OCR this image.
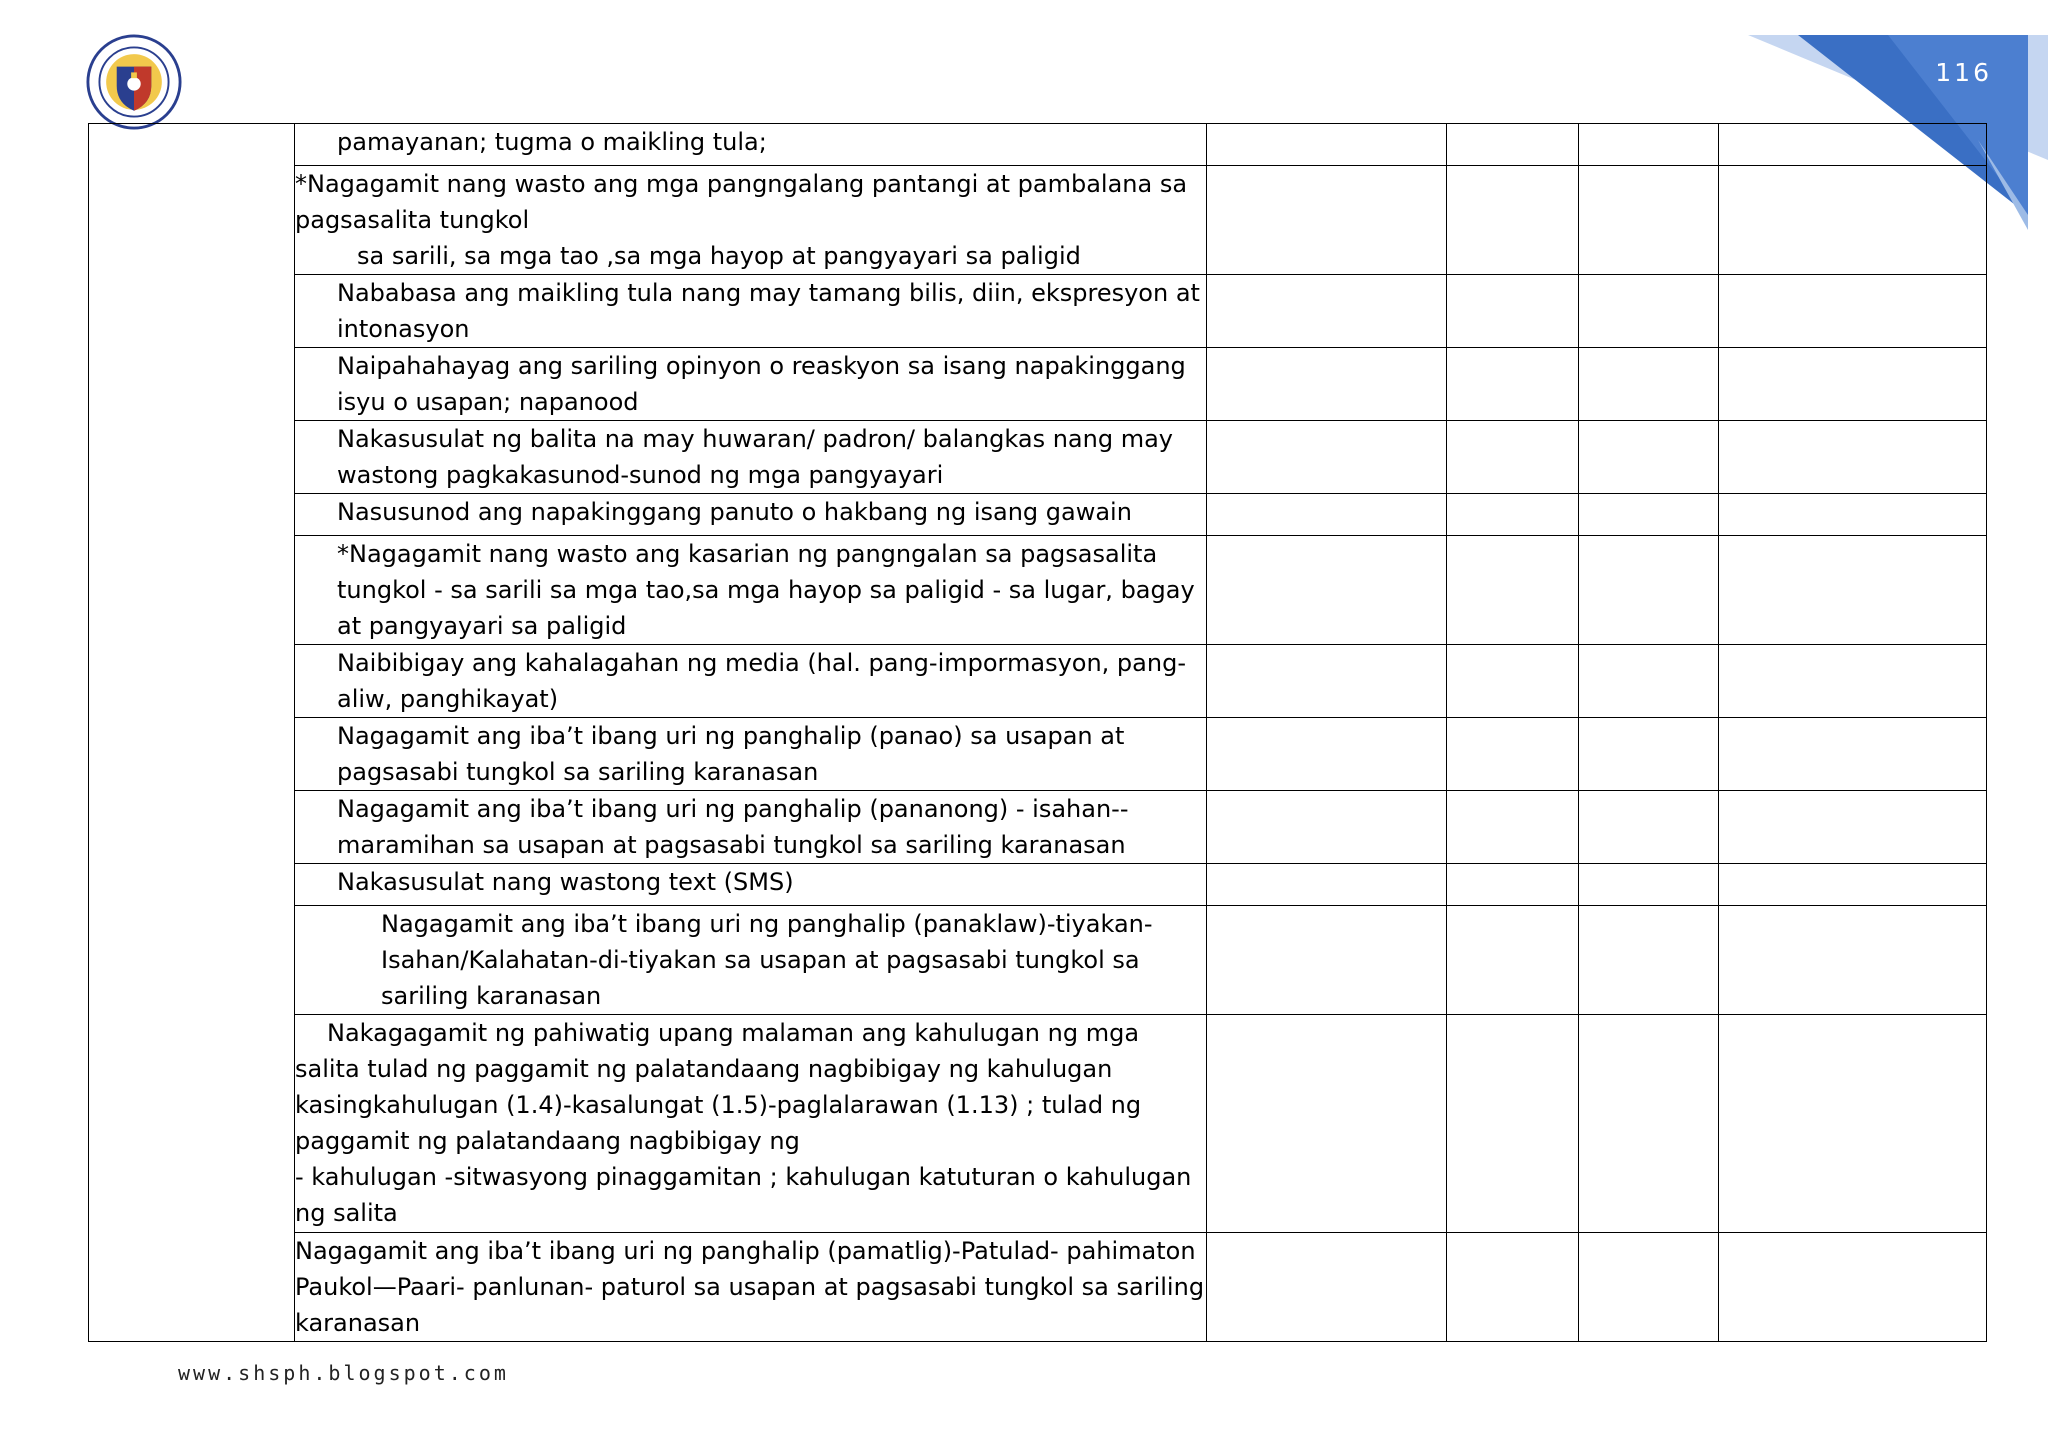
116

	pamayanan; tugma o maikling tula;				

	*Nagagamit nang wasto ang mga pangngalang pantangi at pambalana sa pagsasalita tungkol
sa sarili, sa mga tao ,sa mga hayop at pangyayari sa paligid				

	Nababasa ang maikling tula nang may tamang bilis, diin, ekspresyon at intonasyon				

	Naipahahayag ang sariling opinyon o reaskyon sa isang napakinggang isyu o usapan; napanood				

	Nakasusulat ng balita na may huwaran/ padron/ balangkas nang may wastong pagkakasunod-sunod ng mga pangyayari				

	Nasusunod ang napakinggang panuto o hakbang ng isang gawain				

	*Nagagamit nang wasto ang kasarian ng pangngalan sa pagsasalita tungkol - sa sarili sa mga tao,sa mga hayop sa paligid - sa lugar, bagay at pangyayari sa paligid				

	Naibibigay ang kahalagahan ng media (hal. pang-impormasyon, pang-aliw, panghikayat)				

	Nagagamit ang iba’t ibang uri ng panghalip (panao) sa usapan at pagsasabi tungkol sa sariling karanasan				

	Nagagamit ang iba’t ibang uri ng panghalip (pananong) - isahan--maramihan sa usapan at pagsasabi tungkol sa sariling karanasan				

	Nakasusulat nang wastong text (SMS)				

	Nagagamit ang iba’t ibang uri ng panghalip (panaklaw)-tiyakan-Isahan/Kalahatan-di-tiyakan sa usapan at pagsasabi tungkol sa sariling karanasan				

	Nakagagamit ng pahiwatig upang malaman ang kahulugan ng mga salita tulad ng paggamit ng palatandaang nagbibigay ng kahulugan kasingkahulugan (1.4)-kasalungat (1.5)-paglalarawan (1.13) ; tulad ng paggamit ng palatandaang nagbibigay ng
- kahulugan -sitwasyong pinaggamitan ; kahulugan katuturan o kahulugan ng salita				
	Nagagamit ang iba’t ibang uri ng panghalip (pamatlig)-Patulad- pahimaton Paukol—Paari- panlunan- paturol sa usapan at pagsasabi tungkol sa sariling karanasan				
www.shsph.blogspot.com
